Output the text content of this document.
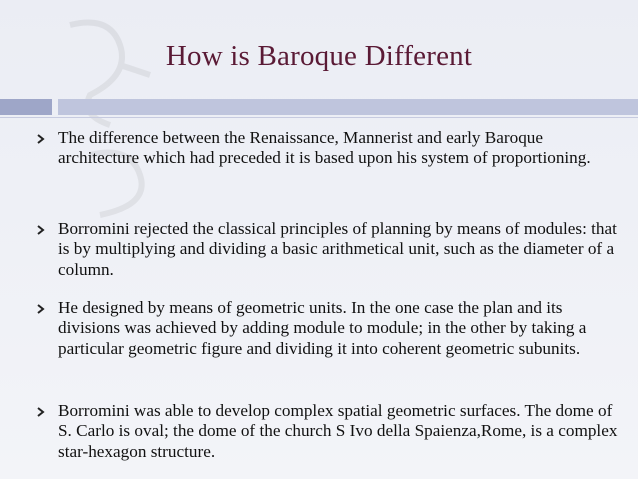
How is Baroque Different
The difference between the Renaissance, Mannerist and early Baroque architecture which had preceded it is based upon his system of proportioning.
Borromini rejected the classical principles of planning by means of modules: that is by multiplying and dividing a basic arithmetical unit, such as the diameter of a column.
He designed by means of geometric units. In the one case the plan and its divisions was achieved by adding module to module; in the other by taking a particular geometric figure and dividing it into coherent geometric subunits.
Borromini was able to develop complex spatial geometric surfaces. The dome of S. Carlo is oval; the dome of the church S Ivo della Spaienza,Rome, is a complex star-hexagon structure.
